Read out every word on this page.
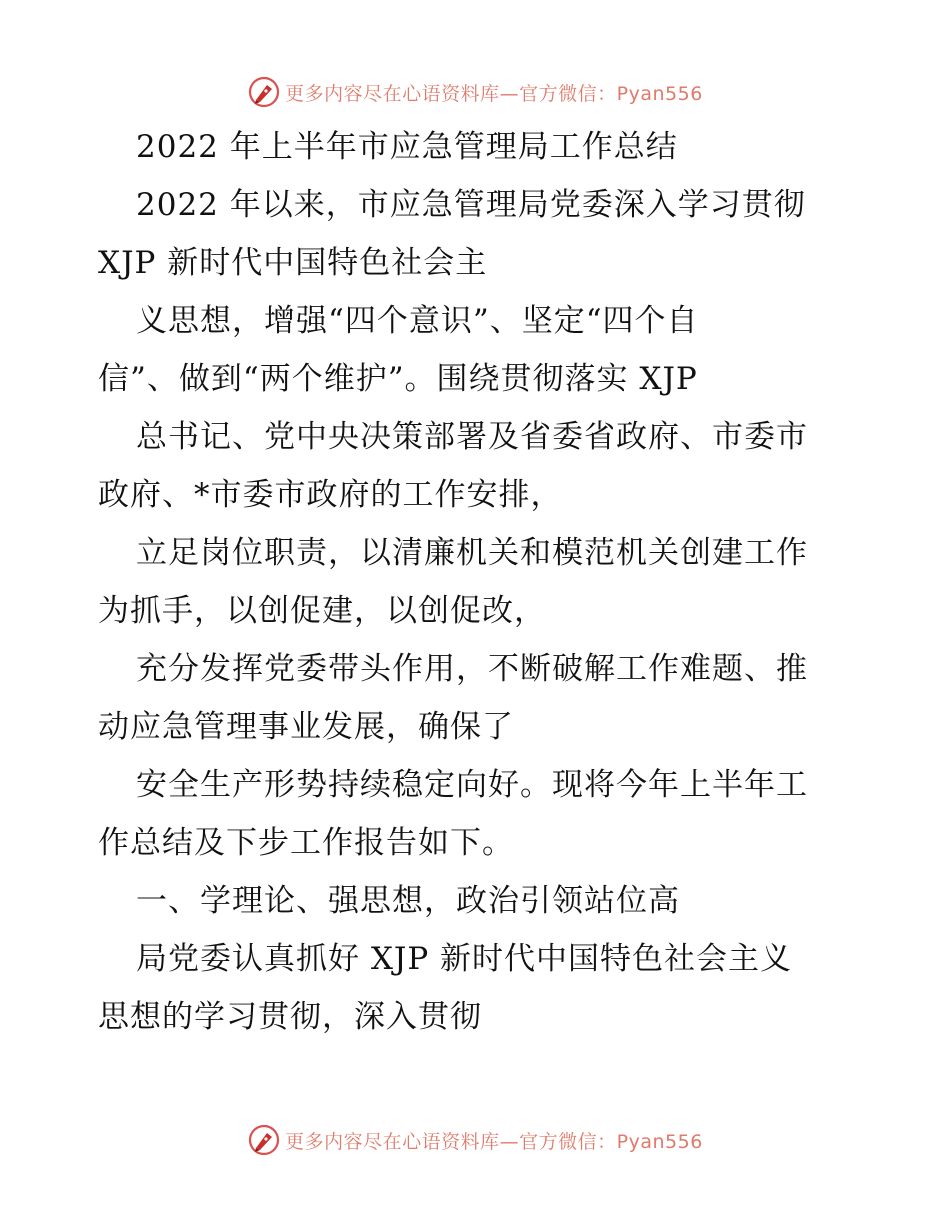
更多内容尽在心语资料库—官方微信：Pyan556
2022 年上半年市应急管理局工作总结
2022 年以来，市应急管理局党委深入学习贯彻
XJP 新时代中国特色社会主
义思想，增强“四个意识”、坚定“四个自
信”、做到“两个维护”。围绕贯彻落实 XJP
总书记、党中央决策部署及省委省政府、市委市
政府、*市委市政府的工作安排，
立足岗位职责，以清廉机关和模范机关创建工作
为抓手，以创促建，以创促改，
充分发挥党委带头作用，不断破解工作难题、推
动应急管理事业发展，确保了
安全生产形势持续稳定向好。现将今年上半年工
作总结及下步工作报告如下。
一、学理论、强思想，政治引领站位高
局党委认真抓好 XJP 新时代中国特色社会主义
思想的学习贯彻，深入贯彻
更多内容尽在心语资料库—官方微信：Pyan556
